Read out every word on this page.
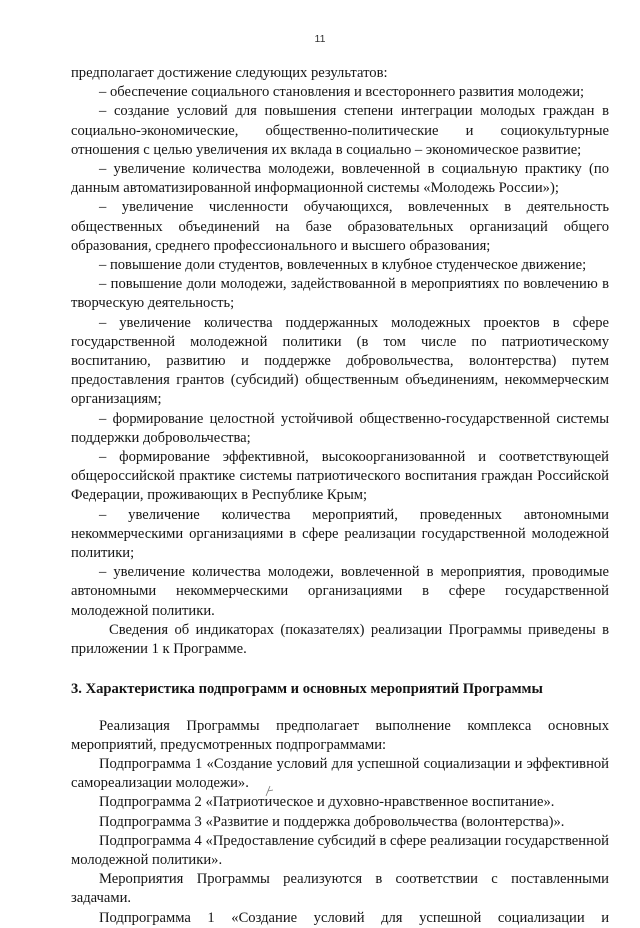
11

предполагает достижение следующих результатов:

– обеспечение социального становления и всестороннего развития молодежи;

– создание условий для повышения степени интеграции молодых граждан в социально-экономические, общественно-политические и социокультурные отношения с целью увеличения их вклада в социально – экономическое развитие;

– увеличение количества молодежи, вовлеченной в социальную практику (по данным автоматизированной информационной системы «Молодежь России»);

– увеличение численности обучающихся, вовлеченных в деятельность общественных объединений на базе образовательных организаций общего образования, среднего профессионального и высшего образования;

– повышение доли студентов, вовлеченных в клубное студенческое движение;

– повышение доли молодежи, задействованной в мероприятиях по вовлечению в творческую деятельность;

– увеличение количества поддержанных молодежных проектов в сфере государственной молодежной политики (в том числе по патриотическому воспитанию, развитию и поддержке добровольчества, волонтерства) путем предоставления грантов (субсидий) общественным объединениям, некоммерческим организациям;

– формирование целостной устойчивой общественно-государственной системы поддержки добровольчества;

– формирование эффективной, высокоорганизованной и соответствующей общероссийской практике системы патриотического воспитания граждан Российской Федерации, проживающих в Республике Крым;

– увеличение количества мероприятий, проведенных автономными некоммерческими организациями в сфере реализации государственной молодежной политики;

– увеличение количества молодежи, вовлеченной в мероприятия, проводимые автономными некоммерческими организациями в сфере государственной молодежной политики.

Сведения об индикаторах (показателях) реализации Программы приведены в приложении 1 к Программе.

3. Характеристика подпрограмм и основных мероприятий Программы

Реализация Программы предполагает выполнение комплекса основных мероприятий, предусмотренных подпрограммами:

Подпрограмма 1 «Создание условий для успешной социализации и эффективной самореализации молодежи».

Подпрограмма 2 «Патриотическое и духовно-нравственное воспитание».

Подпрограмма 3 «Развитие и поддержка добровольчества (волонтерства)».

Подпрограмма 4 «Предоставление субсидий в сфере реализации государственной молодежной политики».

Мероприятия Программы реализуются в соответствии с поставленными задачами.

Подпрограмма 1 «Создание условий для успешной социализации и
